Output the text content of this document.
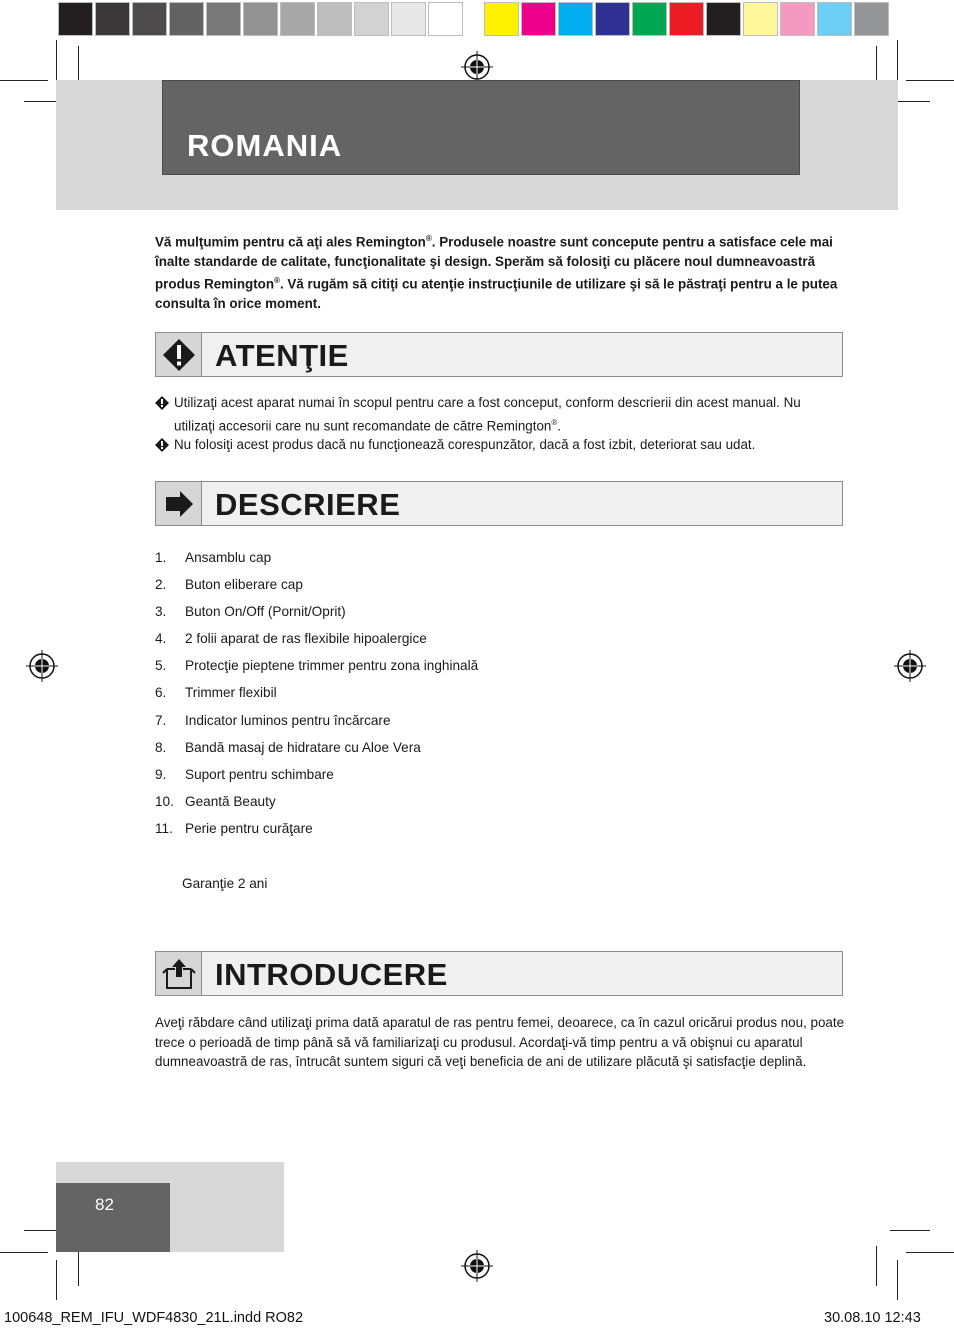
ROMANIA
Vă mulţumim pentru că aţi ales Remington®. Produsele noastre sunt concepute pentru a satisface cele mai înalte standarde de calitate, funcţionalitate şi design. Sperăm să folosiţi cu plăcere noul dumneavoastră produs Remington®. Vă rugăm să citiţi cu atenţie instrucţiunile de utilizare şi să le păstraţi pentru a le putea consulta în orice moment.
ATENŢIE
Utilizaţi acest aparat numai în scopul pentru care a fost conceput, conform descrierii din acest manual. Nu utilizaţi accesorii care nu sunt recomandate de către Remington®.
Nu folosiţi acest produs dacă nu funcţionează corespunzător, dacă a fost izbit, deteriorat sau udat.
DESCRIERE
1. Ansamblu cap
2. Buton eliberare cap
3. Buton On/Off (Pornit/Oprit)
4. 2 folii aparat de ras flexibile hipoalergice
5. Protecţie pieptene trimmer pentru zona inghinală
6. Trimmer flexibil
7. Indicator luminos pentru încărcare
8. Bandă masaj de hidratare cu Aloe Vera
9. Suport pentru schimbare
10. Geantă Beauty
11. Perie pentru curăţare
Garanţie 2 ani
INTRODUCERE
Aveţi răbdare când utilizaţi prima dată aparatul de ras pentru femei, deoarece, ca în cazul oricărui produs nou, poate trece o perioadă de timp până să vă familiarizaţi cu produsul. Acordaţi-vă timp pentru a vă obişnui cu aparatul dumneavoastră de ras, întrucât suntem siguri că veţi beneficia de ani de utilizare plăcută şi satisfacţie deplină.
82
100648_REM_IFU_WDF4830_21L.indd RO82	30.08.10 12:43
